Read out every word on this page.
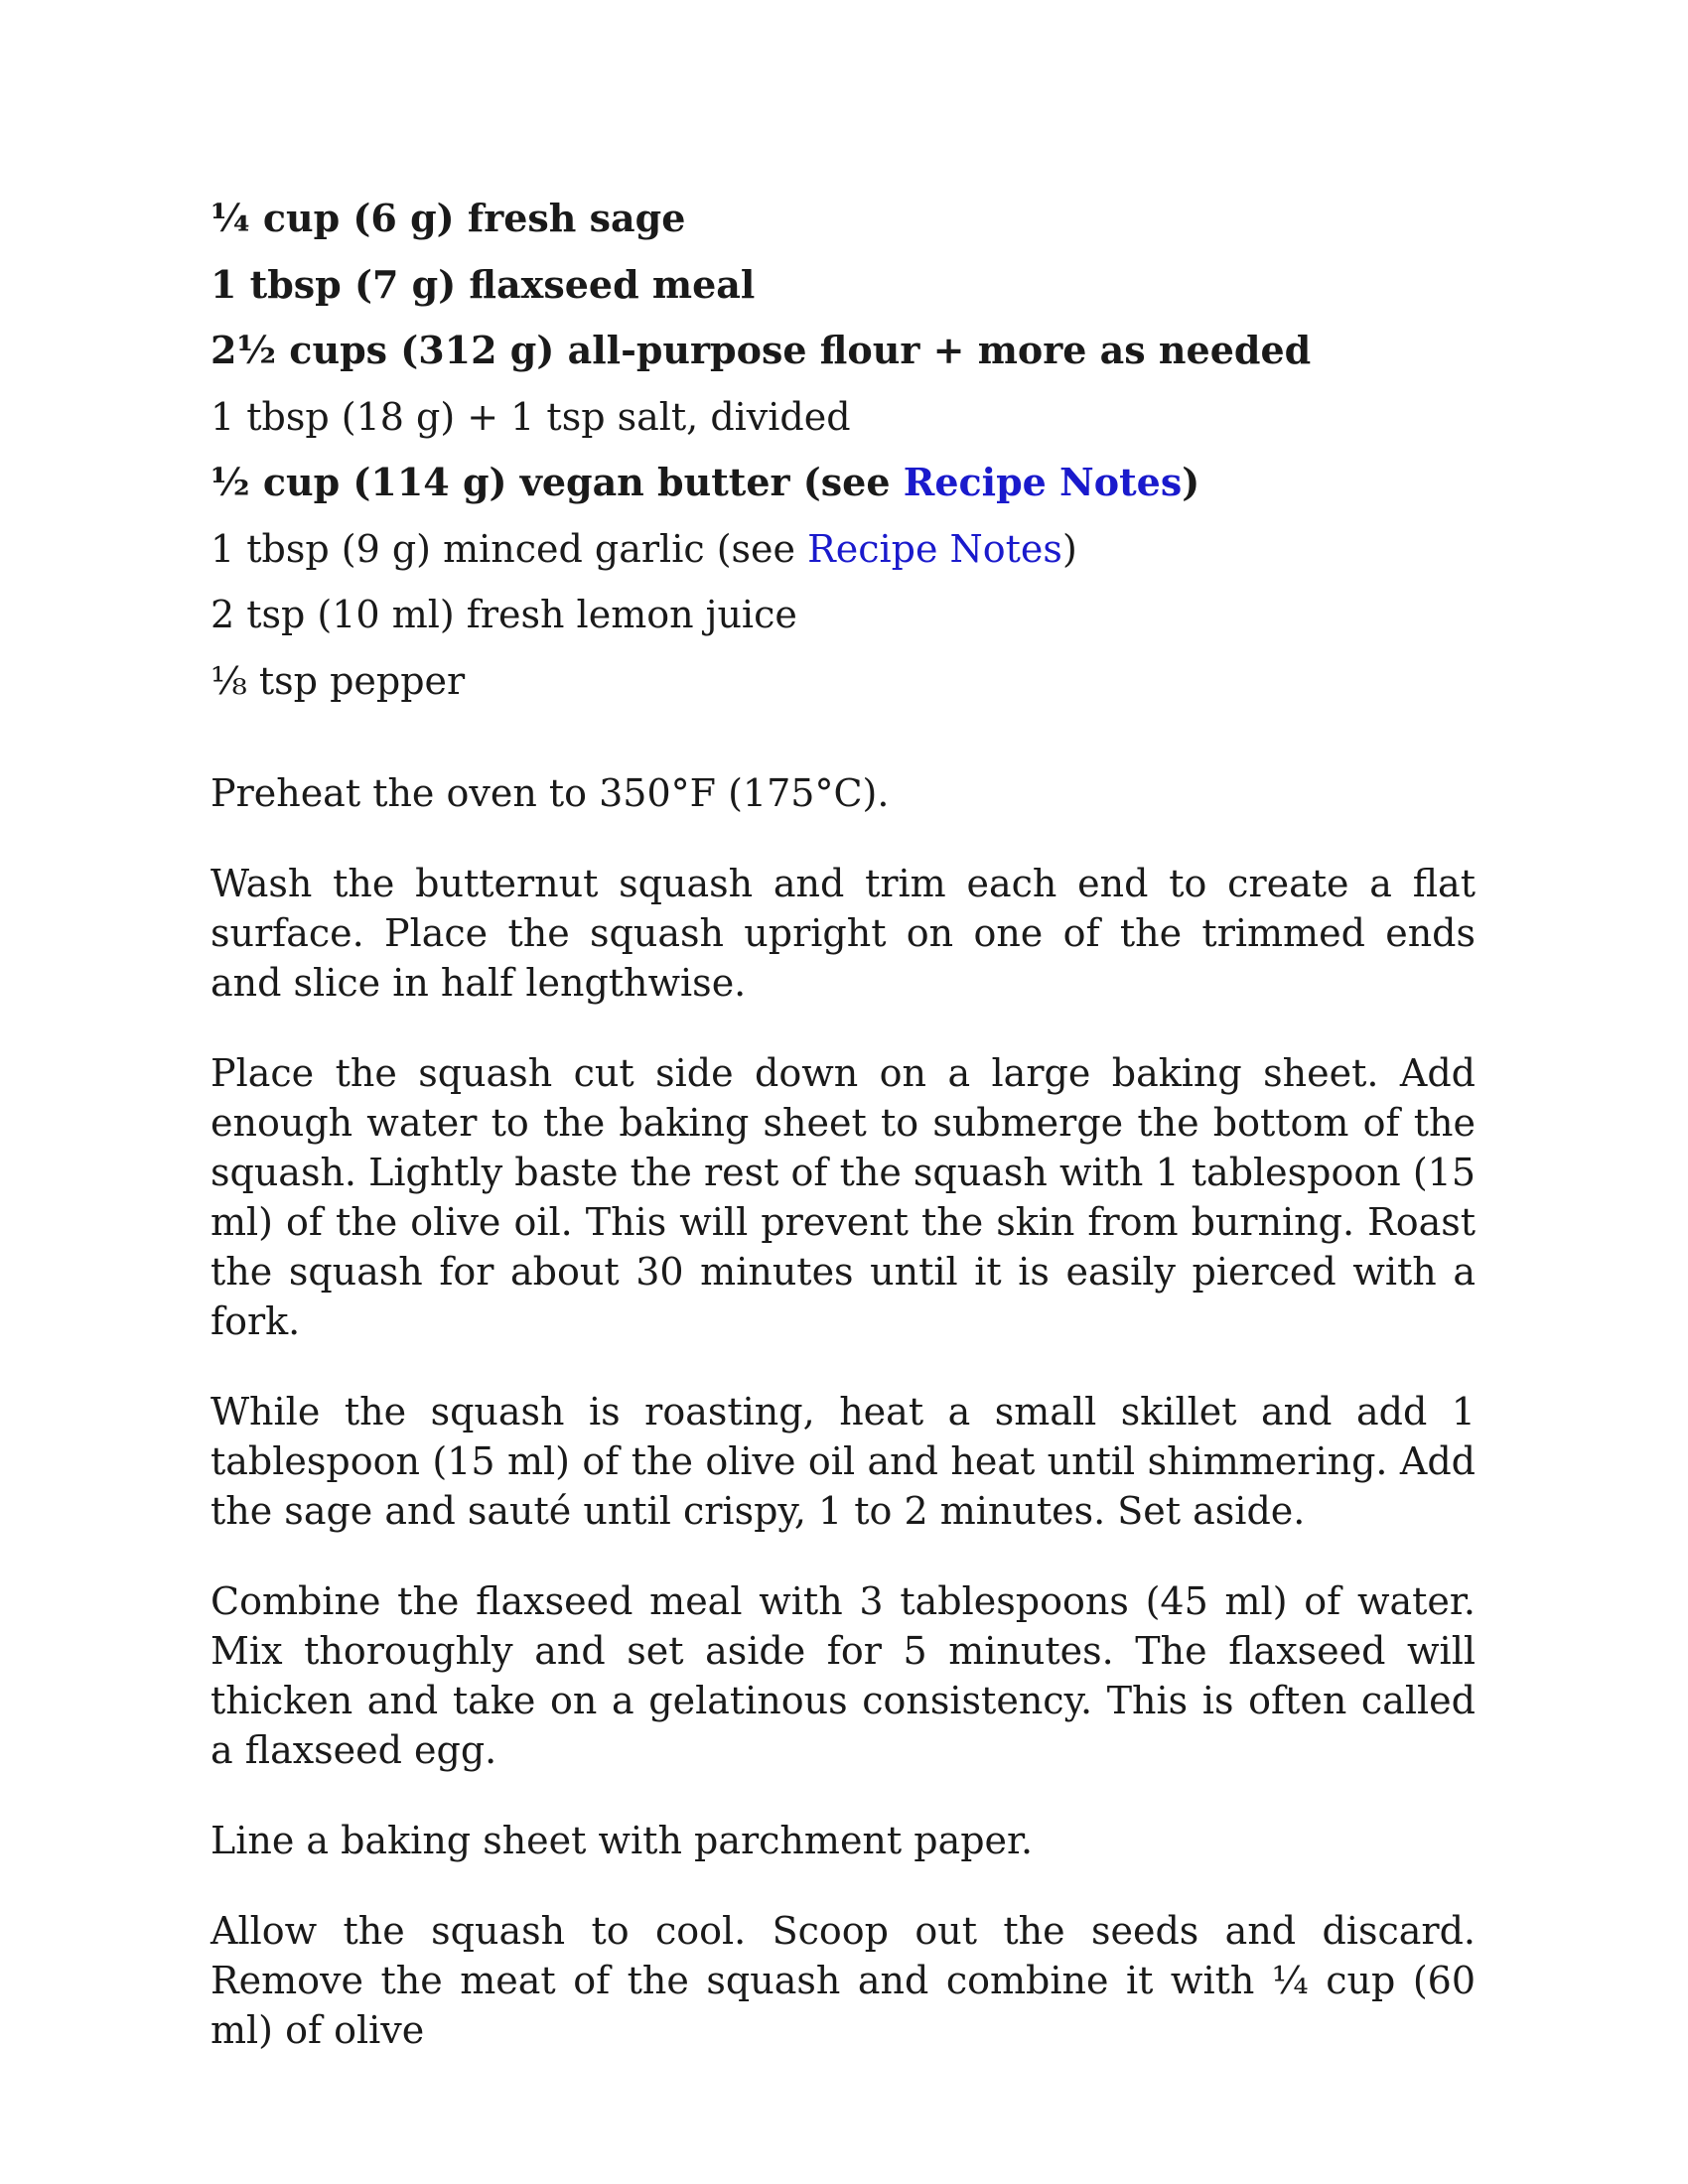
¼ cup (6 g) fresh sage

1 tbsp (7 g) flaxseed meal

2½ cups (312 g) all-purpose flour + more as needed

1 tbsp (18 g) + 1 tsp salt, divided

½ cup (114 g) vegan butter (see Recipe Notes)

1 tbsp (9 g) minced garlic (see Recipe Notes)

2 tsp (10 ml) fresh lemon juice

⅛ tsp pepper

Preheat the oven to 350°F (175°C).

Wash the butternut squash and trim each end to create a flat surface. Place the squash upright on one of the trimmed ends and slice in half lengthwise.

Place the squash cut side down on a large baking sheet. Add enough water to the baking sheet to submerge the bottom of the squash. Lightly baste the rest of the squash with 1 tablespoon (15 ml) of the olive oil. This will prevent the skin from burning. Roast the squash for about 30 minutes until it is easily pierced with a fork.

While the squash is roasting, heat a small skillet and add 1 tablespoon (15 ml) of the olive oil and heat until shimmering. Add the sage and sauté until crispy, 1 to 2 minutes. Set aside.

Combine the flaxseed meal with 3 tablespoons (45 ml) of water. Mix thoroughly and set aside for 5 minutes. The flaxseed will thicken and take on a gelatinous consistency. This is often called a flaxseed egg.

Line a baking sheet with parchment paper.

Allow the squash to cool. Scoop out the seeds and discard. Remove the meat of the squash and combine it with ¼ cup (60 ml) of olive
